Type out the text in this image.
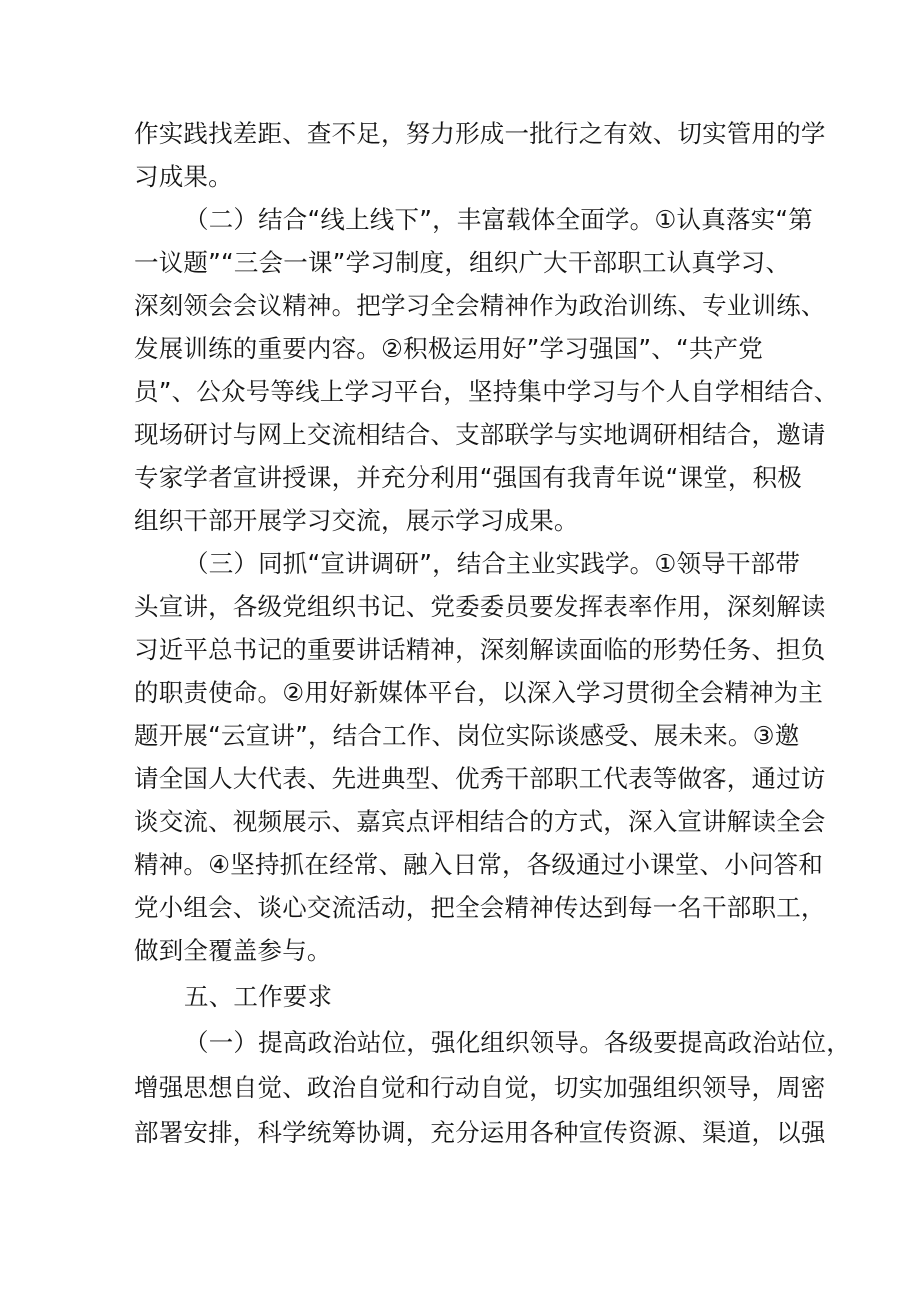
作实践找差距、查不足，努力形成一批行之有效、切实管用的学
习成果。
（二）结合“线上线下”，丰富载体全面学。①认真落实“第
一议题”“三会一课”学习制度，组织广大干部职工认真学习、
深刻领会会议精神。把学习全会精神作为政治训练、专业训练、
发展训练的重要内容。②积极运用好”学习强国”、“共产党
员”、公众号等线上学习平台，坚持集中学习与个人自学相结合、
现场研讨与网上交流相结合、支部联学与实地调研相结合，邀请
专家学者宣讲授课，并充分利用“强国有我青年说“课堂，积极
组织干部开展学习交流，展示学习成果。
（三）同抓“宣讲调研”，结合主业实践学。①领导干部带
头宣讲，各级党组织书记、党委委员要发挥表率作用，深刻解读
习近平总书记的重要讲话精神，深刻解读面临的形势任务、担负
的职责使命。②用好新媒体平台，以深入学习贯彻全会精神为主
题开展“云宣讲”，结合工作、岗位实际谈感受、展未来。③邀
请全国人大代表、先进典型、优秀干部职工代表等做客，通过访
谈交流、视频展示、嘉宾点评相结合的方式，深入宣讲解读全会
精神。④坚持抓在经常、融入日常，各级通过小课堂、小问答和
党小组会、谈心交流活动，把全会精神传达到每一名干部职工，
做到全覆盖参与。
五、工作要求
（一）提高政治站位，强化组织领导。各级要提高政治站位，
增强思想自觉、政治自觉和行动自觉，切实加强组织领导，周密
部署安排，科学统筹协调，充分运用各种宣传资源、渠道，以强
